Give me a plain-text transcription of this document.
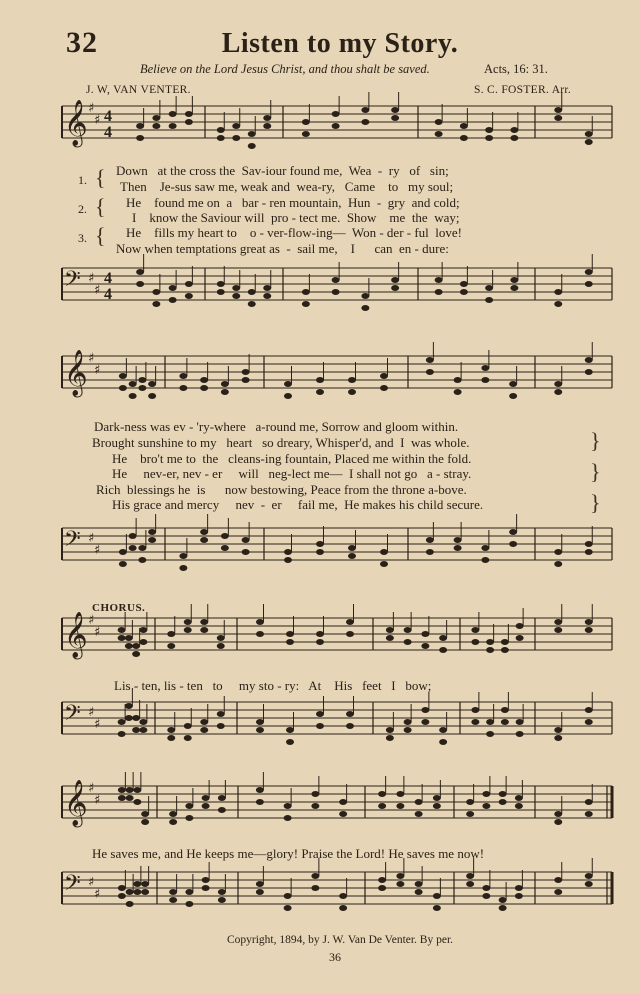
32	Listen to my Story.
Believe on the Lord Jesus Christ, and thou shalt be saved.	Acts, 16: 31.
J. W, VAN VENTER.	S. C. FOSTER. Arr.
𝄞 ♯
♯ 4
4
𝄢 ♯
♯
4
4
𝄞 ♯
♯
𝄢 ♯
♯
𝄞 ♯
♯
𝄢 ♯
♯
𝄞 ♯
♯
𝄢 ♯
♯
1.
2.
3.
{
{
{
Down   at the cross the  Sav-iour found me,  Wea  -  ry   of   sin;
Then    Je-sus saw me, weak and  wea-ry,   Came    to   my soul;
He    found me on  a   bar - ren mountain,  Hun  -  gry  and cold;
I    know the Saviour will  pro - tect me.  Show    me  the  way;
He    fills my heart to    o - ver-flow-ing—  Won - der - ful  love!
Now when temptations great as  -  sail me,    I      can  en - dure:
Dark-ness was ev - 'ry-where   a-round me, Sorrow and gloom within.
Brought sunshine to my   heart   so dreary, Whisper'd, and  I  was whole.
He    bro't me to  the   cleans-ing fountain, Placed me within the fold.
He     nev-er, nev - er     will   neg-lect me—  I shall not go   a - stray.
Rich  blessings he  is      now bestowing, Peace from the throne a-bove.
His grace and mercy     nev  -  er     fail me,  He makes his child secure.
}
}
}
CHORUS.
Lis - ten, lis - ten   to     my sto - ry:   At    His   feet   I   bow;
He saves me, and He keeps me—glory! Praise the Lord! He saves me now!
Copyright, 1894, by J. W. Van De Venter. By per.
36
